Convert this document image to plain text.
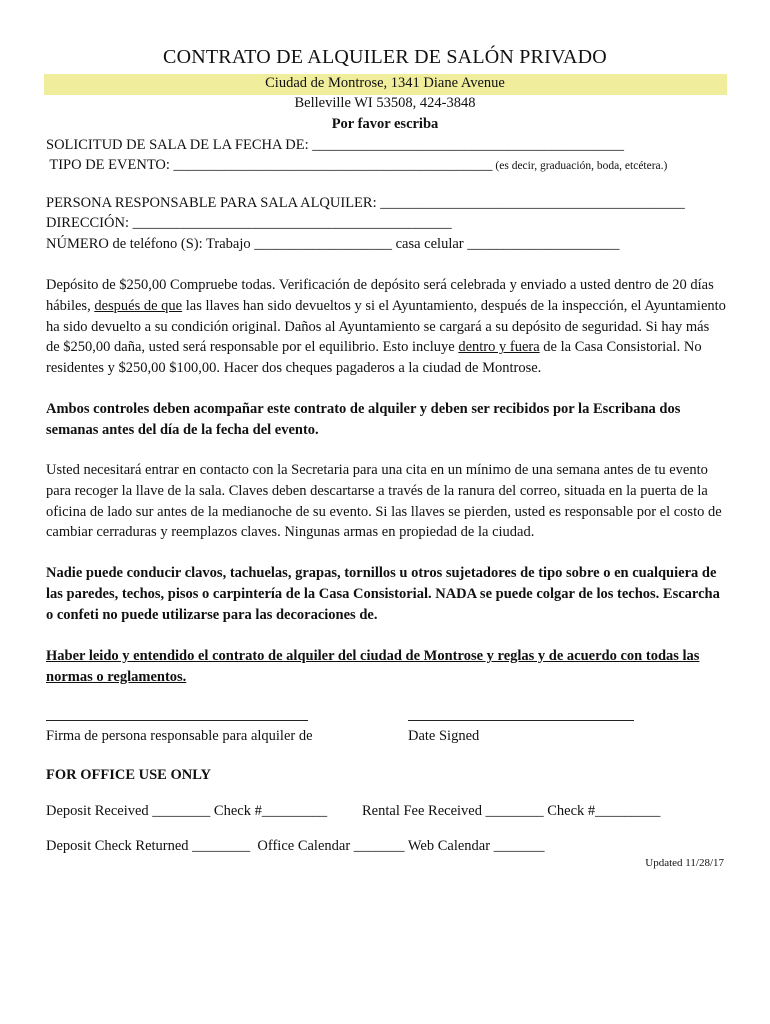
CONTRATO DE ALQUILER DE SALÓN PRIVADO
Ciudad de Montrose, 1341 Diane Avenue
Belleville WI 53508, 424-3848
Por favor escriba
SOLICITUD DE SALA DE LA FECHA DE: ___________________________________________
TIPO DE EVENTO: ____________________________________________ (es decir, graduación, boda, etcétera.)
PERSONA RESPONSABLE PARA SALA ALQUILER: __________________________________________
DIRECCIÓN: ____________________________________________
NÚMERO de teléfono (S): Trabajo ___________________ casa celular _____________________
Depósito de $250,00 Compruebe todas. Verificación de depósito será celebrada y enviado a usted dentro de 20 días hábiles, después de que las llaves han sido devueltos y si el Ayuntamiento, después de la inspección, el Ayuntamiento ha sido devuelto a su condición original. Daños al Ayuntamiento se cargará a su depósito de seguridad. Si hay más de $250,00 daña, usted será responsable por el equilibrio. Esto incluye dentro y fuera de la Casa Consistorial. No residentes y $250,00 $100,00. Hacer dos cheques pagaderos a la ciudad de Montrose.
Ambos controles deben acompañar este contrato de alquiler y deben ser recibidos por la Escribana dos semanas antes del día de la fecha del evento.
Usted necesitará entrar en contacto con la Secretaria para una cita en un mínimo de una semana antes de tu evento para recoger la llave de la sala. Claves deben descartarse a través de la ranura del correo, situada en la puerta de la oficina de lado sur antes de la medianoche de su evento. Si las llaves se pierden, usted es responsable por el costo de cambiar cerraduras y reemplazos claves. Ningunas armas en propiedad de la ciudad.
Nadie puede conducir clavos, tachuelas, grapas, tornillos u otros sujetadores de tipo sobre o en cualquiera de las paredes, techos, pisos o carpintería de la Casa Consistorial. NADA se puede colgar de los techos. Escarcha o confeti no puede utilizarse para las decoraciones de.
Haber leido y entendido el contrato de alquiler del ciudad de Montrose y reglas y de acuerdo con todas las normas o reglamentos.
Firma de persona responsable para alquiler de	Date Signed
FOR OFFICE USE ONLY
Deposit Received ________ Check #_________ Rental Fee Received ________ Check #_________
Deposit Check Returned ________  Office Calendar _______ Web Calendar _______
Updated 11/28/17
